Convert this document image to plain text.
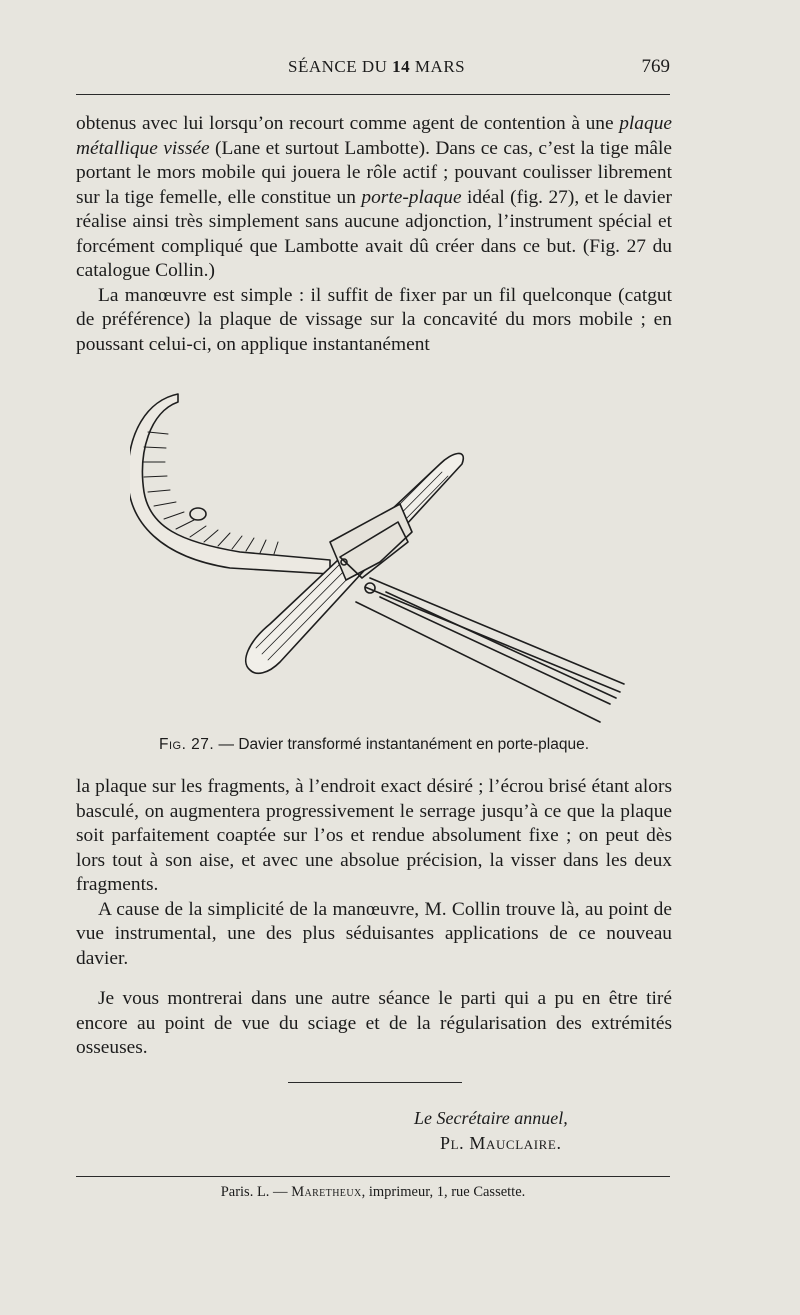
SÉANCE DU 14 MARS	769

obtenus avec lui lorsqu’on recourt comme agent de contention à une plaque métallique vissée (Lane et surtout Lambotte). Dans ce cas, c’est la tige mâle portant le mors mobile qui jouera le rôle actif ; pouvant coulisser librement sur la tige femelle, elle constitue un porte-plaque idéal (fig. 27), et le davier réalise ainsi très simplement sans aucune adjonction, l’instrument spécial et forcément compliqué que Lambotte avait dû créer dans ce but. (Fig. 27 du catalogue Collin.)

La manœuvre est simple : il suffit de fixer par un fil quelconque (catgut de préférence) la plaque de vissage sur la concavité du mors mobile ; en poussant celui-ci, on applique instantanément

Fig. 27. — Davier transformé instantanément en porte-plaque.

la plaque sur les fragments, à l’endroit exact désiré ; l’écrou brisé étant alors basculé, on augmentera progressivement le serrage jusqu’à ce que la plaque soit parfaitement coaptée sur l’os et rendue absolument fixe ; on peut dès lors tout à son aise, et avec une absolue précision, la visser dans les deux fragments.

A cause de la simplicité de la manœuvre, M. Collin trouve là, au point de vue instrumental, une des plus séduisantes applications de ce nouveau davier.

Je vous montrerai dans une autre séance le parti qui a pu en être tiré encore au point de vue du sciage et de la régularisation des extrémités osseuses.

Le Secrétaire annuel,
Pl. Mauclaire.
Paris. L. — Maretheux, imprimeur, 1, rue Cassette.
